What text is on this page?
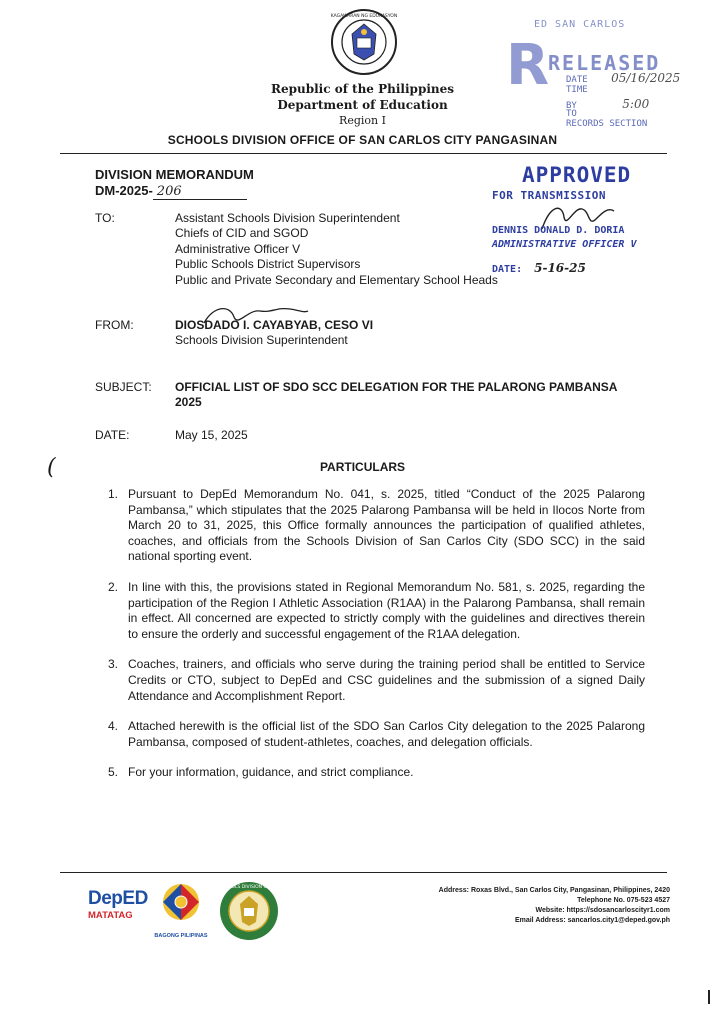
KAGAWARAN NG EDUKASYON
Republic of the Philippines
Department of Education
Region I
SCHOOLS DIVISION OFFICE OF SAN CARLOS CITY PANGASINAN
ED SAN CARLOS
R
RELEASED
DATE 05/16/2025
TIME
BY	5:00
TO
RECORDS SECTION
DIVISION MEMORANDUM
DM-2025- 206
APPROVED
FOR TRANSMISSION
DENNIS DONALD D. DORIA
ADMINISTRATIVE OFFICER V
DATE: 5-16-25
TO:	Assistant Schools Division Superintendent
Chiefs of CID and SGOD
Administrative Officer V
Public Schools District Supervisors
Public and Private Secondary and Elementary School Heads
FROM:	DIOSDADO I. CAYABYAB, CESO VI
Schools Division Superintendent
SUBJECT: OFFICIAL LIST OF SDO SCC DELEGATION FOR THE PALARONG PAMBANSA
2025
DATE:	May 15, 2025
(	PARTICULARS
1. Pursuant to DepEd Memorandum No. 041, s. 2025, titled “Conduct of the 2025 Palarong Pambansa,” which stipulates that the 2025 Palarong Pambansa will be held in Ilocos Norte from March 20 to 31, 2025, this Office formally announces the participation of qualified athletes, coaches, and officials from the Schools Division of San Carlos City (SDO SCC) in the said national sporting event.
2. In line with this, the provisions stated in Regional Memorandum No. 581, s. 2025, regarding the participation of the Region I Athletic Association (R1AA) in the Palarong Pambansa, shall remain in effect. All concerned are expected to strictly comply with the guidelines and directives therein to ensure the orderly and successful engagement of the R1AA delegation.
3. Coaches, trainers, and officials who serve during the training period shall be entitled to Service Credits or CTO, subject to DepEd and CSC guidelines and the submission of a signed Daily Attendance and Accomplishment Report.
4. Attached herewith is the official list of the SDO San Carlos City delegation to the 2025 Palarong Pambansa, composed of student-athletes, coaches, and delegation officials.
5. For your information, guidance, and strict compliance.
DepED
MATATAG
BAGONG PILIPINAS
SCHOOLS DIVISION OFFICE	Address: Roxas Blvd., San Carlos City, Pangasinan, Philippines, 2420
Telephone No. 075-523 4527
Website: https://sdosancarloscityr1.com
Email Address: sancarlos.city1@deped.gov.ph
